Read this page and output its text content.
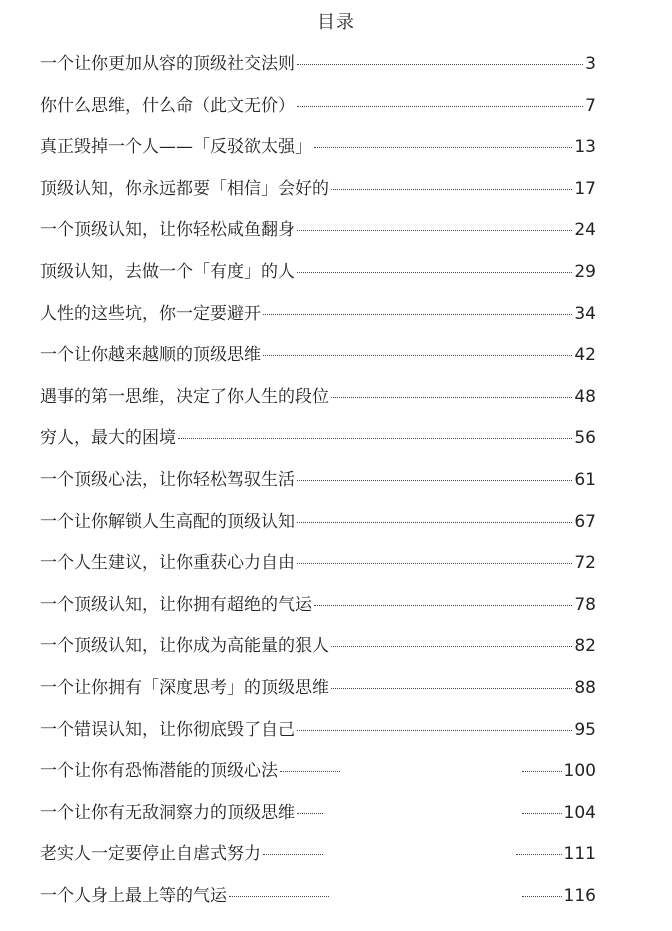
目录
一个让你更加从容的顶级社交法则	3
你什么思维，什么命（此文无价）	7
真正毁掉一个人——「反驳欲太强」	13
顶级认知，你永远都要「相信」会好的	17
一个顶级认知，让你轻松咸鱼翻身	24
顶级认知，去做一个「有度」的人	29
人性的这些坑，你一定要避开	34
一个让你越来越顺的顶级思维	42
遇事的第一思维，决定了你人生的段位	48
穷人，最大的困境	56
一个顶级心法，让你轻松驾驭生活	61
一个让你解锁人生高配的顶级认知	67
一个人生建议，让你重获心力自由	72
一个顶级认知，让你拥有超绝的气运	78
一个顶级认知，让你成为高能量的狠人	82
一个让你拥有「深度思考」的顶级思维	88
一个错误认知，让你彻底毁了自己	95
一个让你有恐怖潜能的顶级心法	100
一个让你有无敌洞察力的顶级思维	104
老实人一定要停止自虐式努力	111
一个人身上最上等的气运	116
